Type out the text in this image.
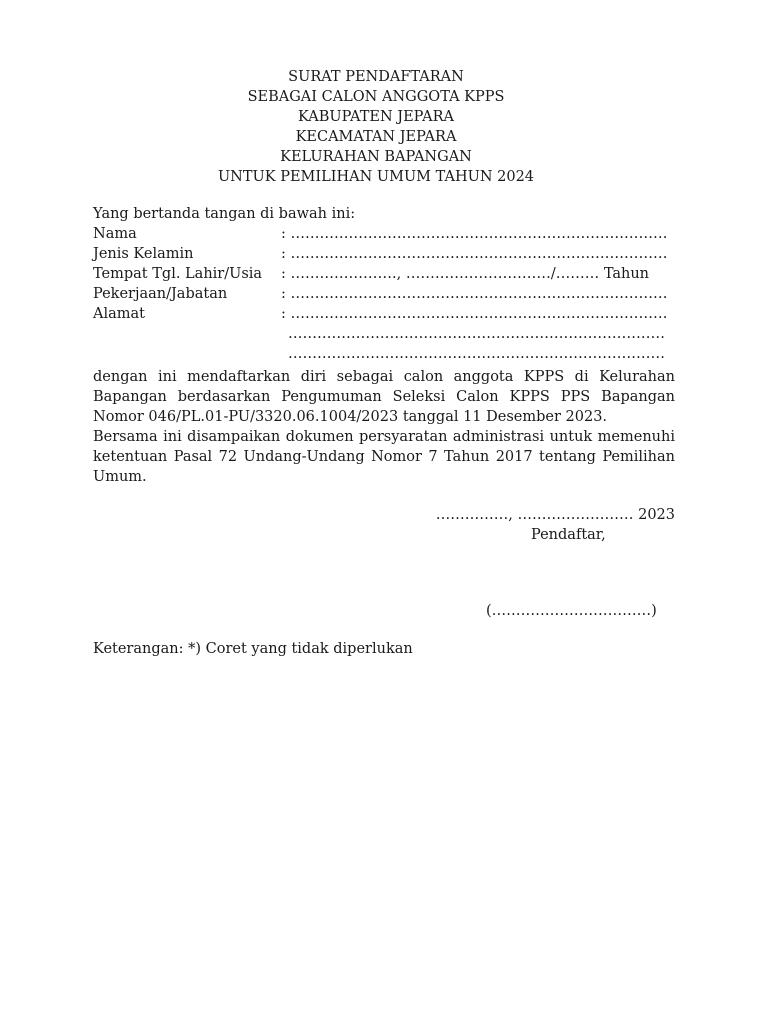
SURAT PENDAFTARAN
SEBAGAI CALON ANGGOTA KPPS
KABUPATEN JEPARA
KECAMATAN JEPARA
KELURAHAN BAPANGAN
UNTUK PEMILIHAN UMUM TAHUN 2024
Yang bertanda tangan di bawah ini:
Nama	: ……………………………………………………………………
Jenis Kelamin	: ……………………………………………………………………
Tempat Tgl. Lahir/Usia	: …………………., …………………………/……… Tahun
Pekerjaan/Jabatan	: ……………………………………………………………………
Alamat	: ……………………………………………………………………
……………………………………………………………………
……………………………………………………………………
dengan ini mendaftarkan diri sebagai calon anggota KPPS di Kelurahan Bapangan berdasarkan Pengumuman Seleksi Calon KPPS PPS Bapangan Nomor 046/PL.01-PU/3320.06.1004/2023 tanggal 11 Desember 2023.
Bersama ini disampaikan dokumen persyaratan administrasi untuk memenuhi ketentuan Pasal 72 Undang-Undang Nomor 7 Tahun 2017 tentang Pemilihan Umum.
……………, …………………… 2023
Pendaftar,
(……………………………)
Keterangan: *) Coret yang tidak diperlukan
